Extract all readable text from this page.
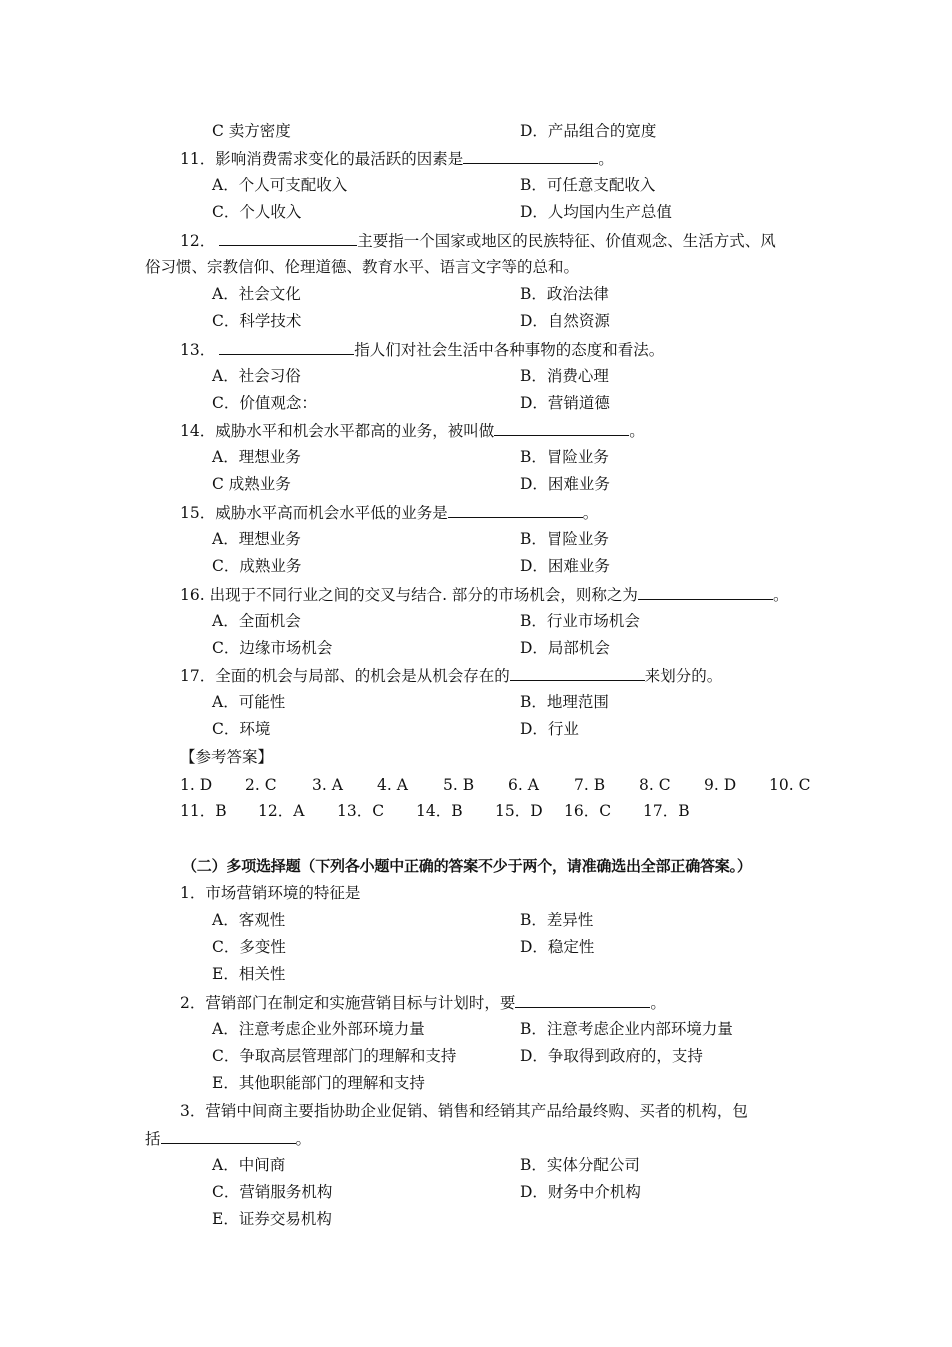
C 卖方密度	D．产品组合的宽度
11．影响消费需求变化的最活跃的因素是	。
A．个人可支配收入	B．可任意支配收入
C．个人收入	D．人均国内生产总值
12．	主要指一个国家或地区的民族特征、价值观念、生活方式、风
俗习惯、宗教信仰、伦理道德、教育水平、语言文字等的总和。
A．社会文化	B．政治法律
C．科学技术	D．自然资源
13．	指人们对社会生活中各种事物的态度和看法。
A．社会习俗	B．消费心理
C．价值观念：	D．营销道德
14．威胁水平和机会水平都高的业务，被叫做	。
A．理想业务	B．冒险业务
C 成熟业务	D．困难业务
15．威胁水平高而机会水平低的业务是	。
A．理想业务	B．冒险业务
C．成熟业务	D．困难业务
16. 出现于不同行业之间的交叉与结合. 部分的市场机会，则称之为	。
A．全面机会	B．行业市场机会
C．边缘市场机会	D．局部机会
17．全面的机会与局部、的机会是从机会存在的	来划分的。
A．可能性	B．地理范围
C．环境	D．行业
【参考答案】
1. D 2. C 3. A 4. A 5. B 6. A 7. B 8. C 9. D 10. C
11．B 12．A 13．C 14．B 15．D 16．C 17．B
（二）多项选择题（下列各小题中正确的答案不少于两个，请准确选出全部正确答案。）
1．市场营销环境的特征是
A．客观性	B．差异性
C．多变性	D．稳定性
E．相关性
2．营销部门在制定和实施营销目标与计划时，要	。
A．注意考虑企业外部环境力量	B．注意考虑企业内部环境力量
C．争取高层管理部门的理解和支持	D．争取得到政府的，支持
E．其他职能部门的理解和支持
3．营销中间商主要指协助企业促销、销售和经销其产品给最终购、买者的机构，包
括	。
A．中间商	B．实体分配公司
C．营销服务机构	D．财务中介机构
E．证券交易机构
